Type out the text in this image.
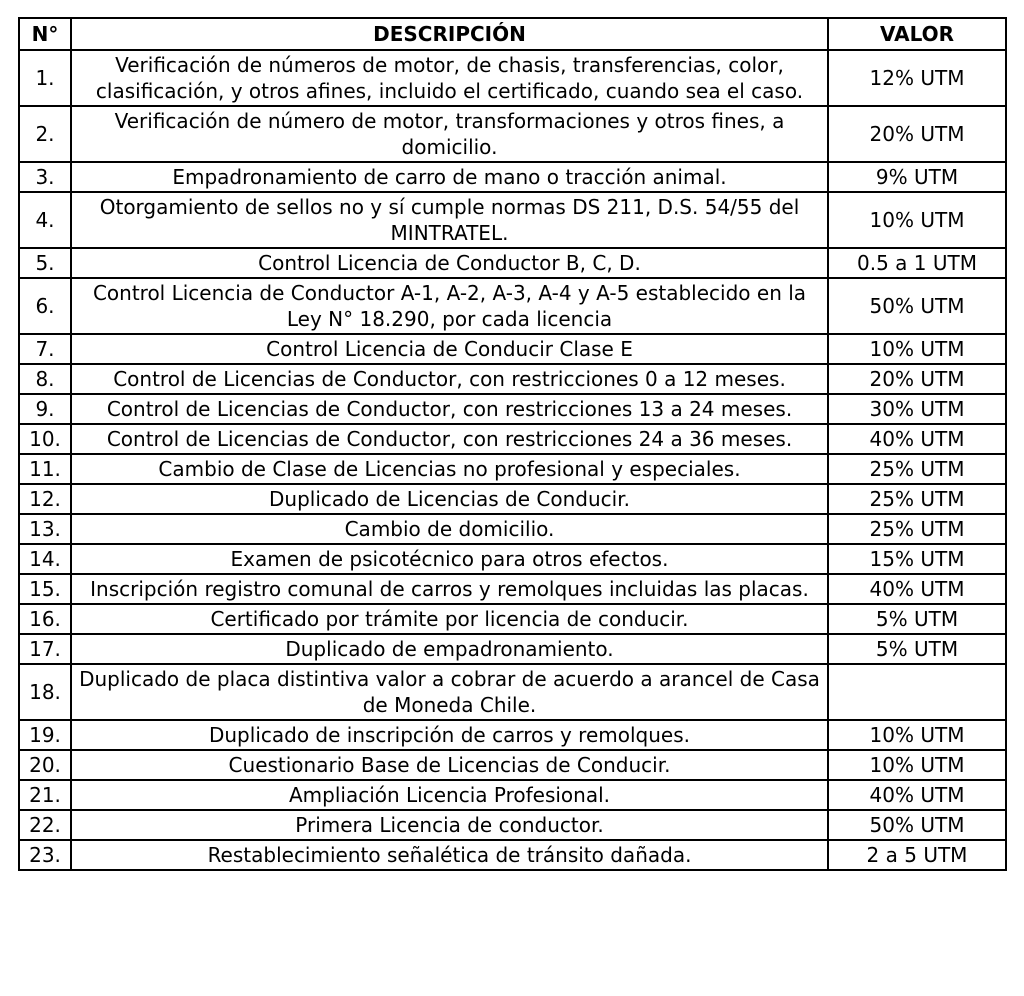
N°	DESCRIPCIÓN	VALOR
1.	Verificación de números de motor, de chasis, transferencias, color, clasificación, y otros afines, incluido el certificado, cuando sea el caso.	12% UTM
2.	Verificación de número de motor, transformaciones y otros fines, a domicilio.	20% UTM
3.	Empadronamiento de carro de mano o tracción animal.	9% UTM
4.	Otorgamiento de sellos no y sí cumple normas DS 211, D.S. 54/55 del MINTRATEL.	10% UTM
5.	Control Licencia de Conductor B, C, D.	0.5 a 1 UTM
6.	Control Licencia de Conductor A-1, A-2, A-3, A-4 y A-5 establecido en la Ley N° 18.290, por cada licencia	50% UTM
7.	Control Licencia de Conducir Clase E	10% UTM
8.	Control de Licencias de Conductor, con restricciones 0 a 12 meses.	20% UTM
9.	Control de Licencias de Conductor, con restricciones 13 a 24 meses.	30% UTM
10.	Control de Licencias de Conductor, con restricciones 24 a 36 meses.	40% UTM
11.	Cambio de Clase de Licencias no profesional y especiales.	25% UTM
12.	Duplicado de Licencias de Conducir.	25% UTM
13.	Cambio de domicilio.	25% UTM
14.	Examen de psicotécnico para otros efectos.	15% UTM
15.	Inscripción registro comunal de carros y remolques incluidas las placas.	40% UTM
16.	Certificado por trámite por licencia de conducir.	5% UTM
17.	Duplicado de empadronamiento.	5% UTM
18.	Duplicado de placa distintiva valor a cobrar de acuerdo a arancel de Casa de Moneda Chile.	
19.	Duplicado de inscripción de carros y remolques.	10% UTM
20.	Cuestionario Base de Licencias de Conducir.	10% UTM
21.	Ampliación Licencia Profesional.	40% UTM
22.	Primera Licencia de conductor.	50% UTM
23.	Restablecimiento señalética de tránsito dañada.	2 a 5 UTM
